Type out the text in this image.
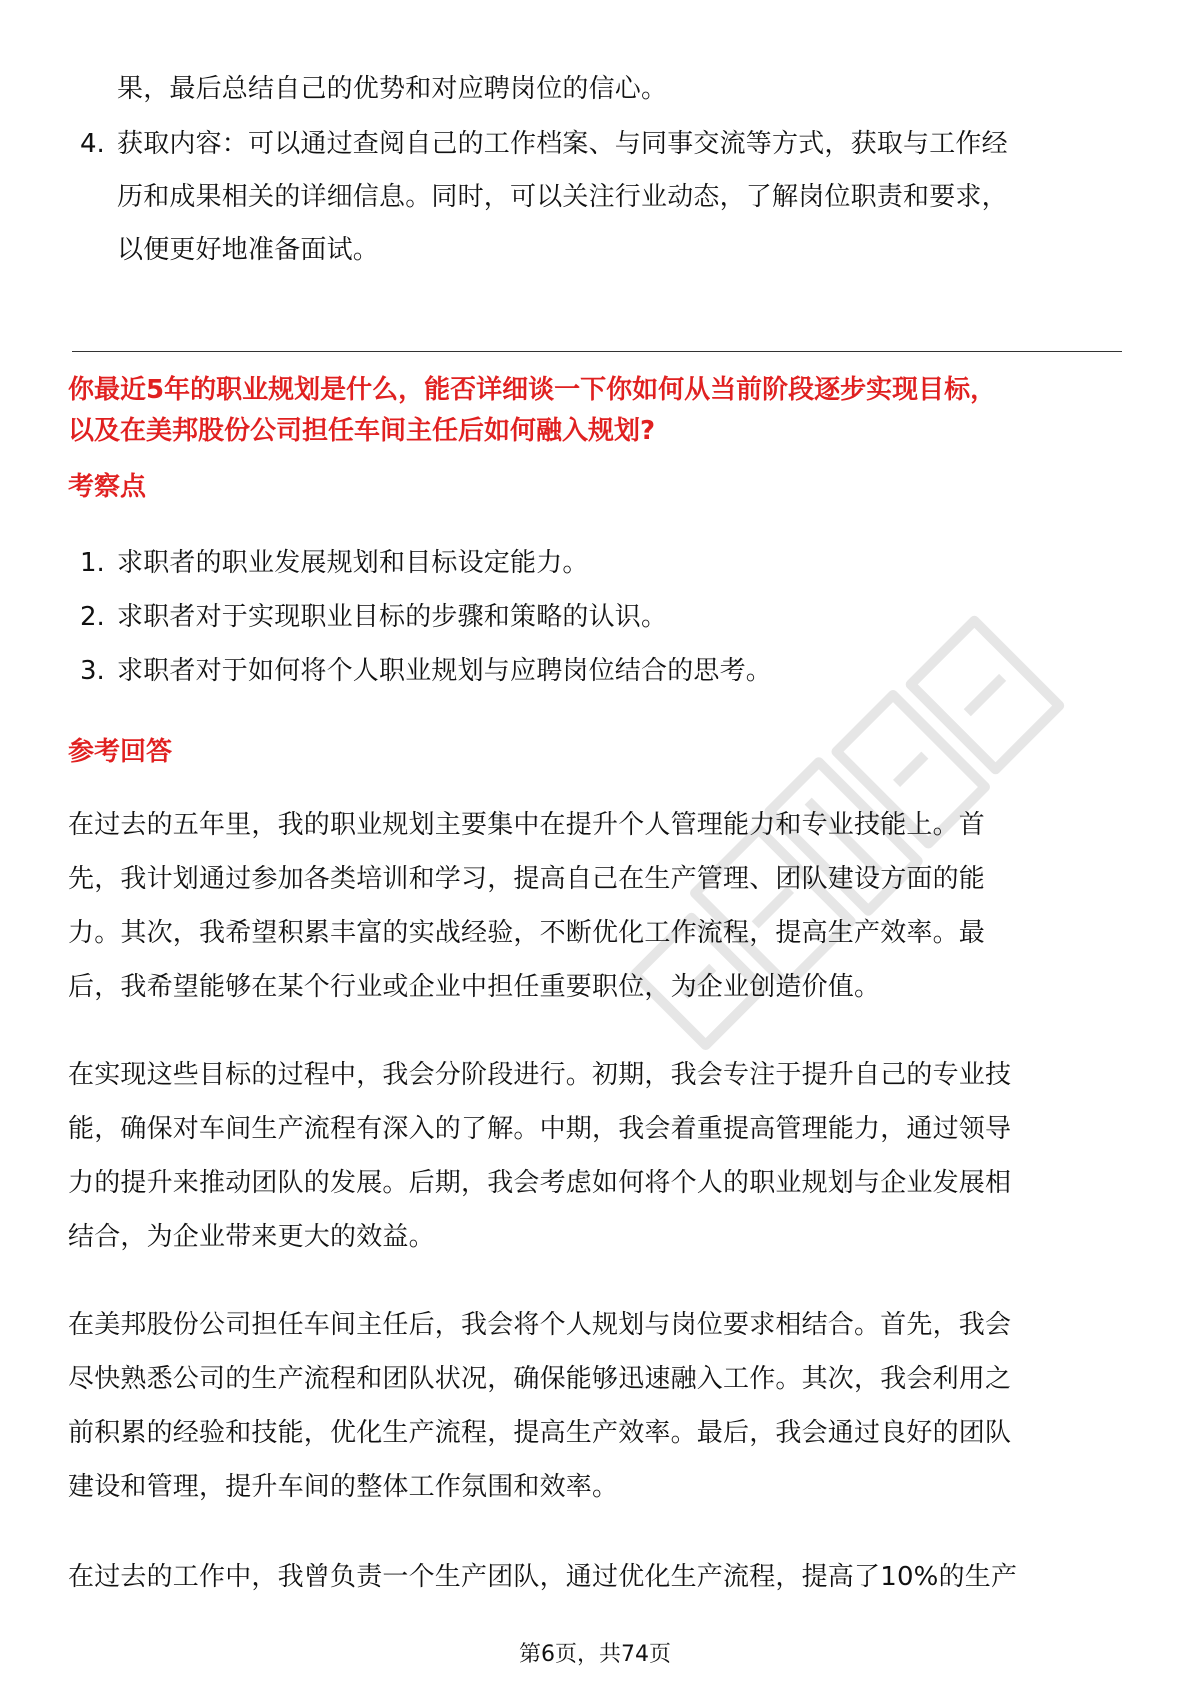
果，最后总结自己的优势和对应聘岗位的信心。
4. 获取内容：可以通过查阅自己的工作档案、与同事交流等方式，获取与工作经
历和成果相关的详细信息。同时，可以关注行业动态，了解岗位职责和要求，
以便更好地准备面试。
你最近5年的职业规划是什么，能否详细谈一下你如何从当前阶段逐步实现目标，
以及在美邦股份公司担任车间主任后如何融入规划?
考察点
1. 求职者的职业发展规划和目标设定能力。
2. 求职者对于实现职业目标的步骤和策略的认识。
3. 求职者对于如何将个人职业规划与应聘岗位结合的思考。
参考回答
在过去的五年里，我的职业规划主要集中在提升个人管理能力和专业技能上。首
先，我计划通过参加各类培训和学习，提高自己在生产管理、团队建设方面的能
力。其次，我希望积累丰富的实战经验，不断优化工作流程，提高生产效率。最
后，我希望能够在某个行业或企业中担任重要职位，为企业创造价值。
在实现这些目标的过程中，我会分阶段进行。初期，我会专注于提升自己的专业技
能，确保对车间生产流程有深入的了解。中期，我会着重提高管理能力，通过领导
力的提升来推动团队的发展。后期，我会考虑如何将个人的职业规划与企业发展相
结合，为企业带来更大的效益。
在美邦股份公司担任车间主任后，我会将个人规划与岗位要求相结合。首先，我会
尽快熟悉公司的生产流程和团队状况，确保能够迅速融入工作。其次，我会利用之
前积累的经验和技能，优化生产流程，提高生产效率。最后，我会通过良好的团队
建设和管理，提升车间的整体工作氛围和效率。
在过去的工作中，我曾负责一个生产团队，通过优化生产流程，提高了10%的生产
第6页，共74页
